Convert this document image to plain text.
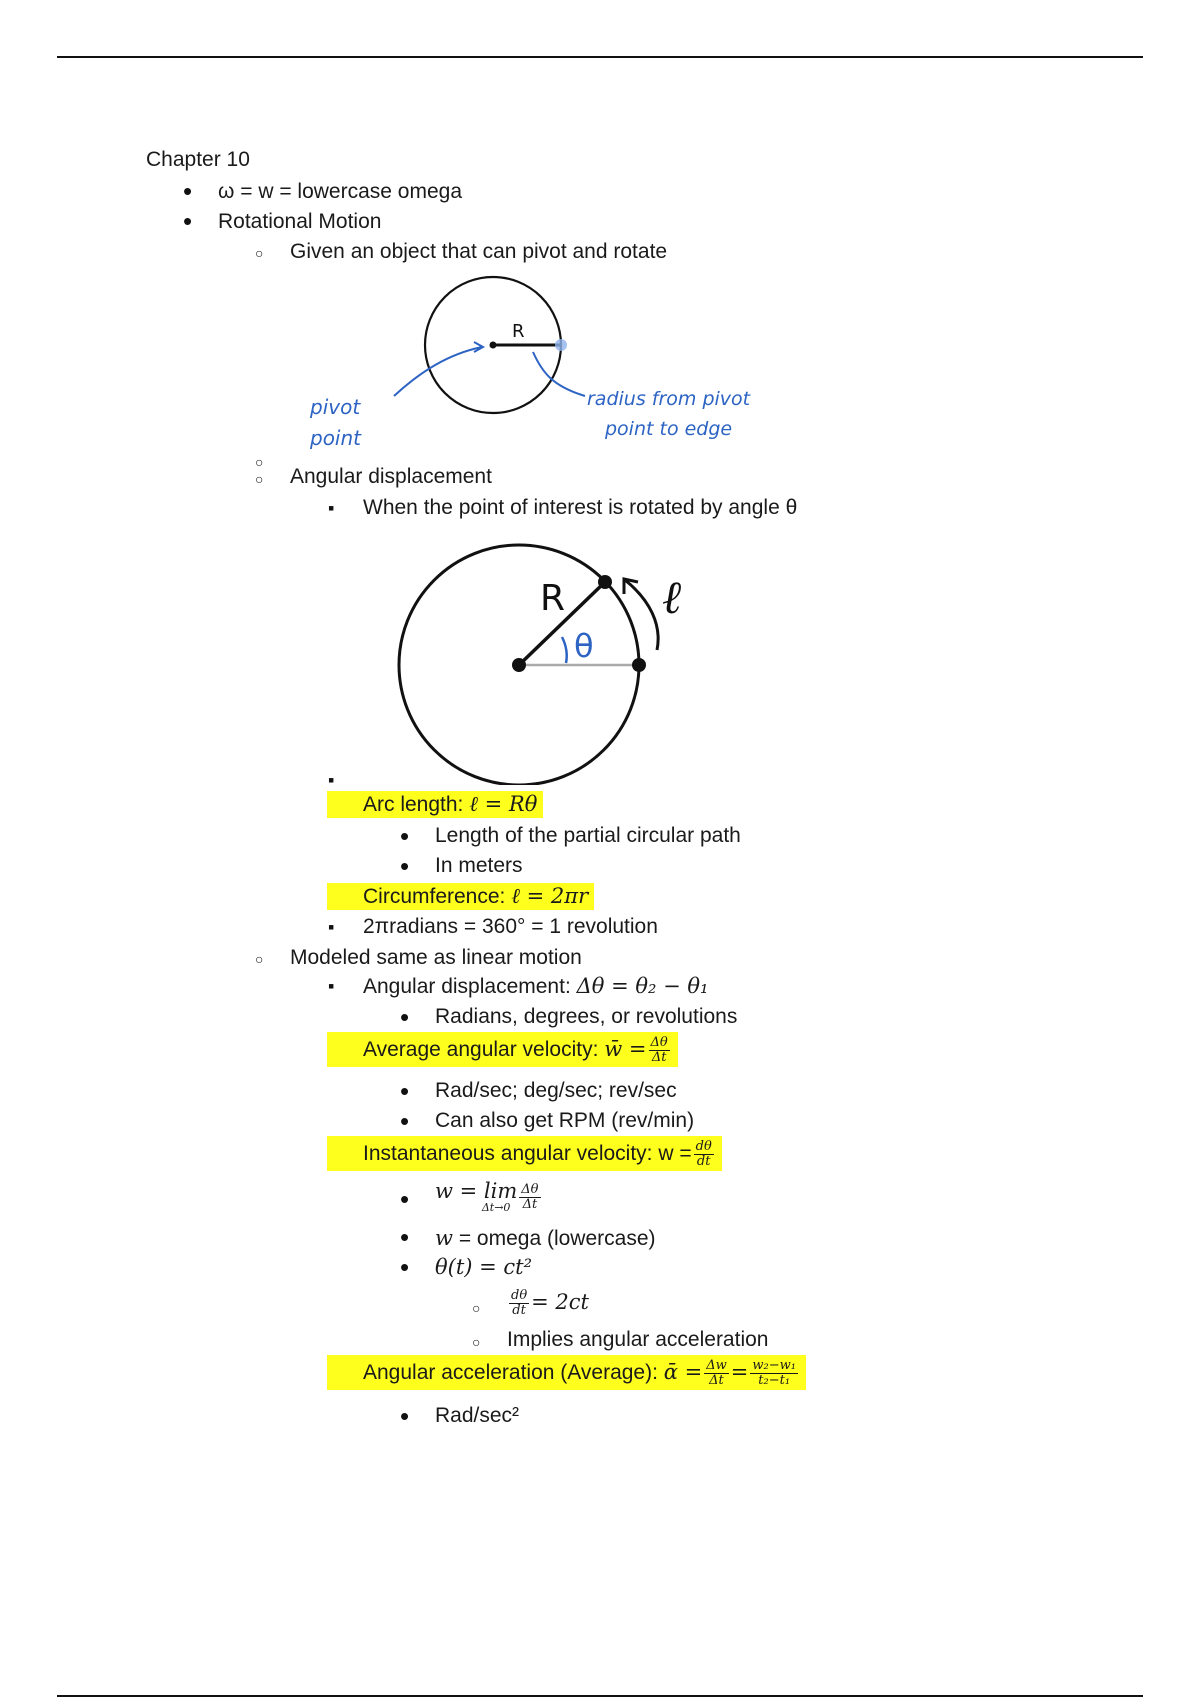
Chapter 10
•
ω = w = lowercase omega
•
Rotational Motion
○
Given an object that can pivot and rotate
R
pivot
point
radius from pivot
point to edge
○
○
Angular displacement
▪
When the point of interest is rotated by angle θ
R
θ
ℓ
▪
▪
Arc length: ℓ = Rθ
•
Length of the partial circular path
•
In meters
▪
Circumference: ℓ = 2πr
▪
2πradians = 360° = 1 revolution
○
Modeled same as linear motion
▪
Angular displacement: Δθ = θ₂ − θ₁
•
Radians, degrees, or revolutions
▪
Average angular velocity: w̄ = $\frac{\Delta\theta}{\Delta t}$
•
Rad/sec; deg/sec; rev/sec
•
Can also get RPM (rev/min)
▪
Instantaneous angular velocity: $w = \frac{d\theta}{dt}$
•
w = lim
$\Delta t\to 0 \frac{\Delta\theta}{\Delta t}$
•
w = omega (lowercase)
•
θ(t) = ct²
○
$\frac{d\theta}{dt} = 2ct$
○
Implies angular acceleration
▪
Angular acceleration (Average): ᾱ = $\frac{\Delta w}{\Delta t} = \frac{\text{w₂−w₁}}{\text{t₂−t₁}}$
•
Rad/sec²
